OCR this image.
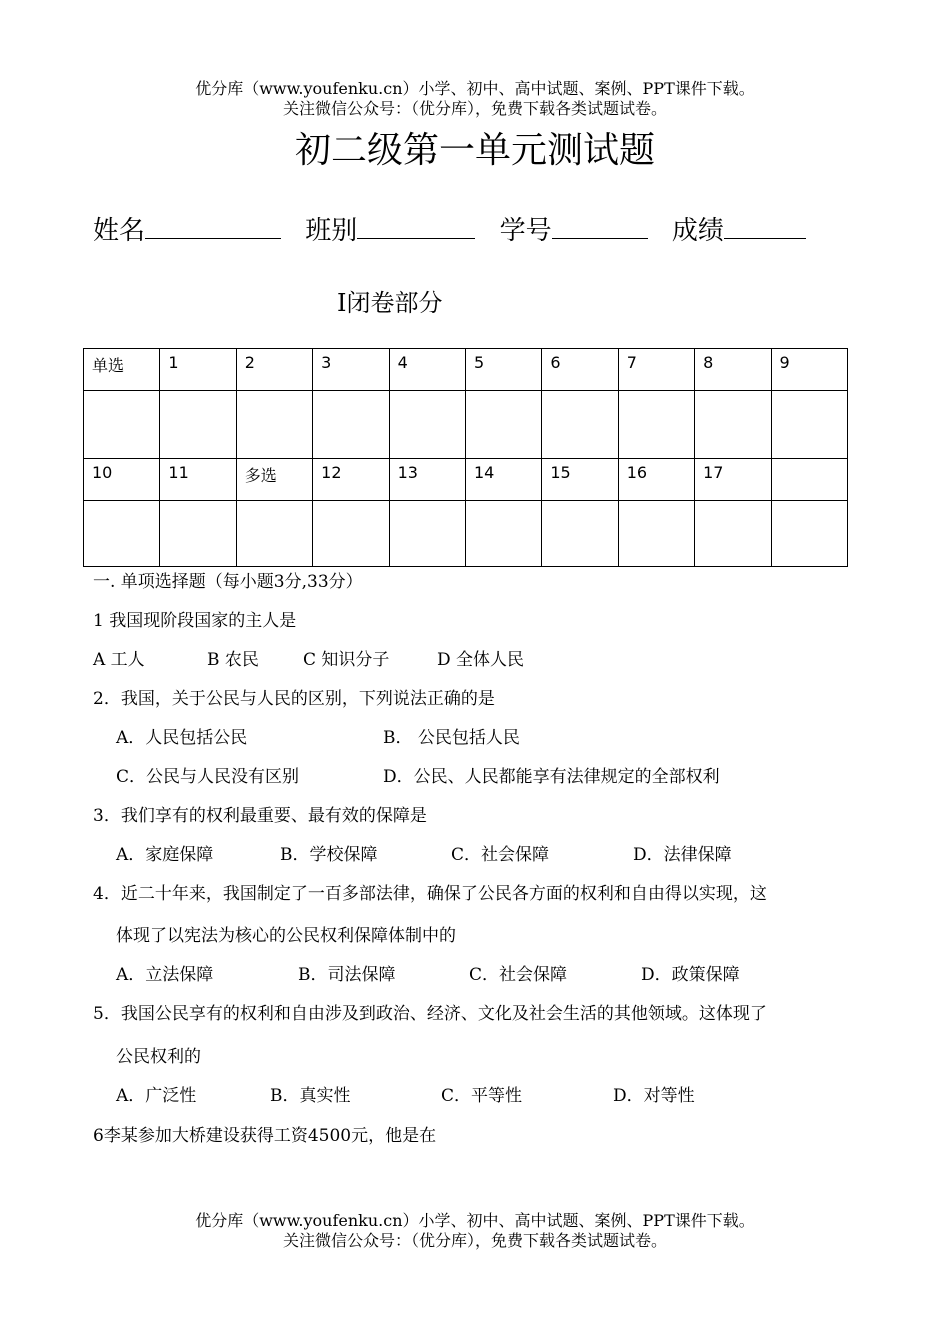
优分库（www.youfenku.cn）小学、初中、高中试题、案例、PPT课件下载。
关注微信公众号：（优分库），免费下载各类试题试卷。
初二级第一单元测试题
姓名	班别	学号	成绩
Ⅰ闭卷部分
单选	1	2	3	4	5	6	7	8	9

10	11	多选	12	13	14	15	16	17	

一. 单项选择题（每小题3分,33分）
1 我国现阶段国家的主人是
A 工人	B 农民	C 知识分子	D 全体人民
2．我国，关于公民与人民的区别，下列说法正确的是
A．人民包括公民	B． 公民包括人民
C．公民与人民没有区别	D．公民、人民都能享有法律规定的全部权利
3．我们享有的权利最重要、最有效的保障是
A．家庭保障	B．学校保障	C．社会保障	D．法律保障
4．近二十年来，我国制定了一百多部法律，确保了公民各方面的权利和自由得以实现，这
体现了以宪法为核心的公民权利保障体制中的
A．立法保障	B．司法保障	C．社会保障	D．政策保障
5．我国公民享有的权利和自由涉及到政治、经济、文化及社会生活的其他领域。这体现了
公民权利的
A．广泛性	B．真实性	C．平等性	D．对等性
6李某参加大桥建设获得工资4500元，他是在
优分库（www.youfenku.cn）小学、初中、高中试题、案例、PPT课件下载。
关注微信公众号：（优分库），免费下载各类试题试卷。
